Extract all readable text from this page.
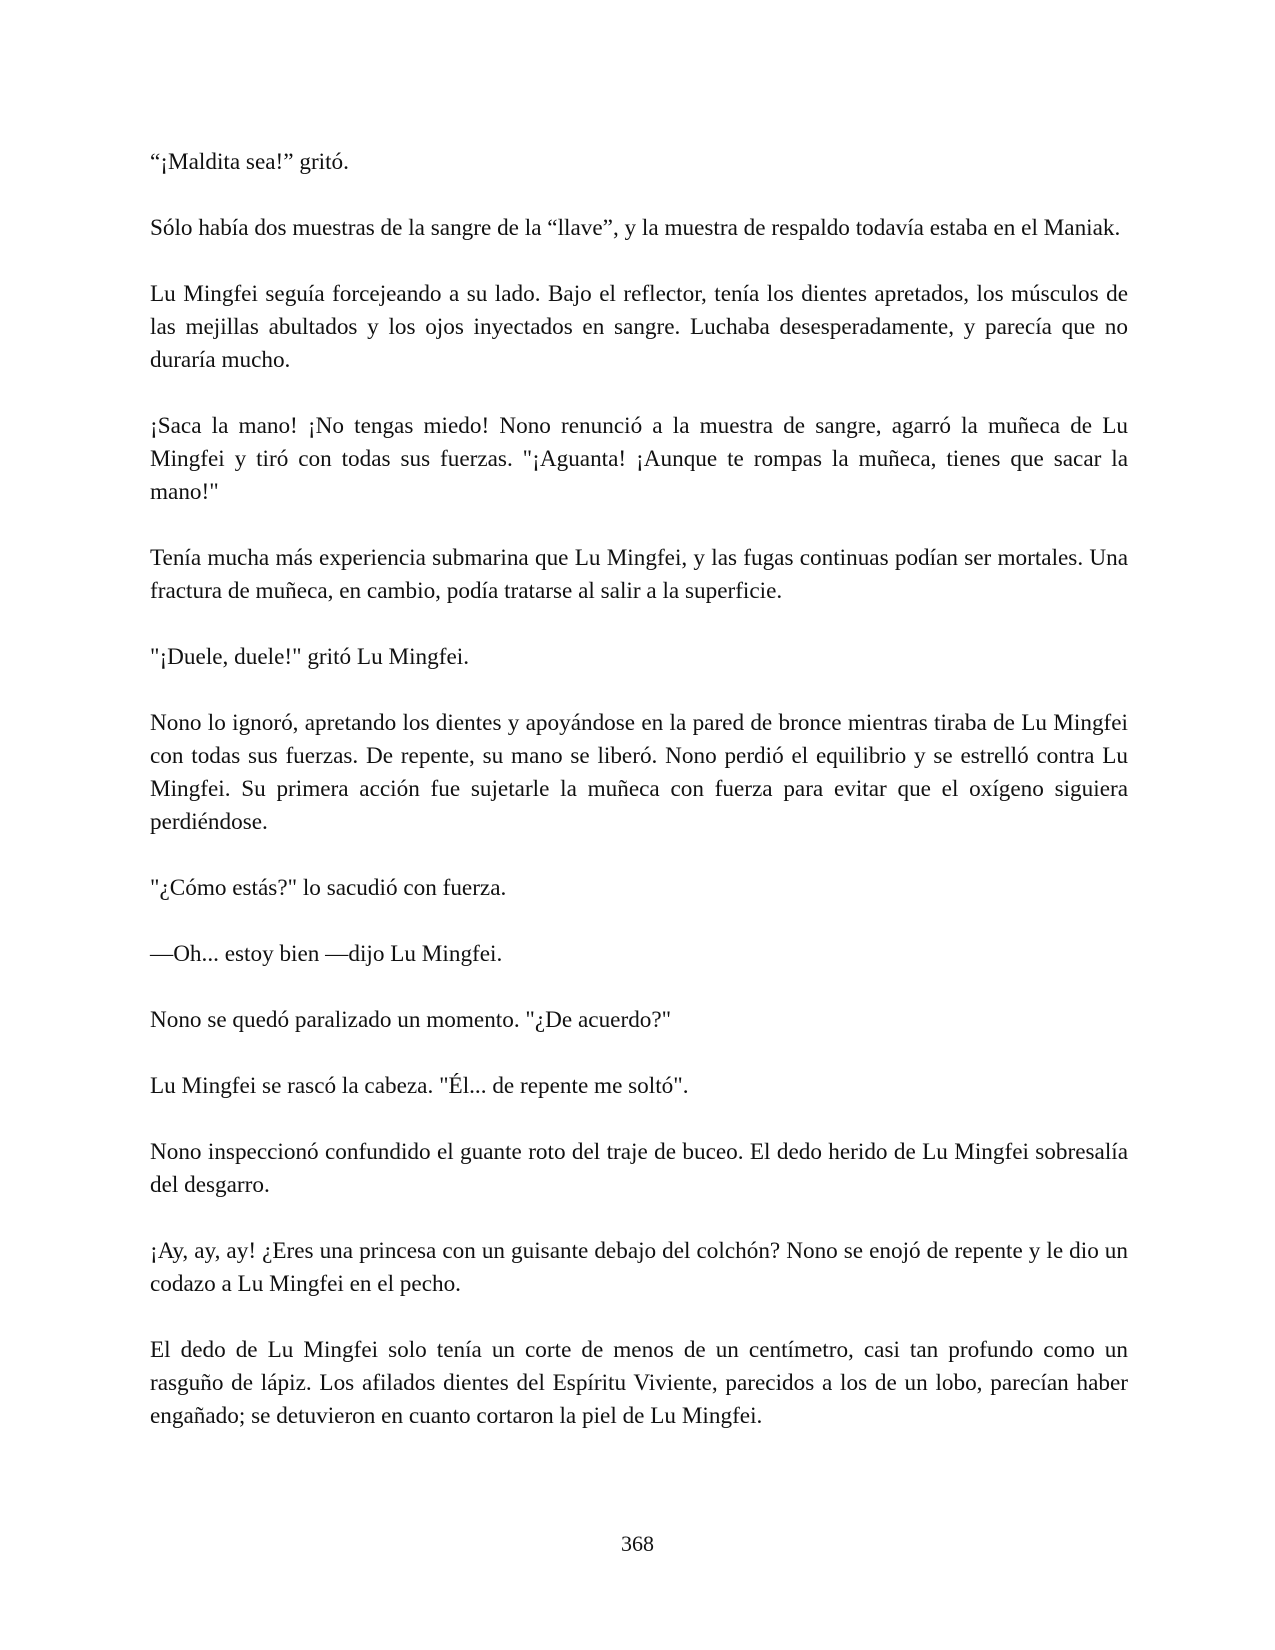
“¡Maldita sea!” gritó.

Sólo había dos muestras de la sangre de la “llave”, y la muestra de respaldo todavía estaba en el Maniak.

Lu Mingfei seguía forcejeando a su lado. Bajo el reflector, tenía los dientes apretados, los músculos de las mejillas abultados y los ojos inyectados en sangre. Luchaba desesperadamente, y parecía que no duraría mucho.

¡Saca la mano! ¡No tengas miedo! Nono renunció a la muestra de sangre, agarró la muñeca de Lu Mingfei y tiró con todas sus fuerzas. "¡Aguanta! ¡Aunque te rompas la muñeca, tienes que sacar la mano!"

Tenía mucha más experiencia submarina que Lu Mingfei, y las fugas continuas podían ser mortales. Una fractura de muñeca, en cambio, podía tratarse al salir a la superficie.

"¡Duele, duele!" gritó Lu Mingfei.

Nono lo ignoró, apretando los dientes y apoyándose en la pared de bronce mientras tiraba de Lu Mingfei con todas sus fuerzas. De repente, su mano se liberó. Nono perdió el equilibrio y se estrelló contra Lu Mingfei. Su primera acción fue sujetarle la muñeca con fuerza para evitar que el oxígeno siguiera perdiéndose.

"¿Cómo estás?" lo sacudió con fuerza.

—Oh... estoy bien —dijo Lu Mingfei.

Nono se quedó paralizado un momento. "¿De acuerdo?"

Lu Mingfei se rascó la cabeza. "Él... de repente me soltó".

Nono inspeccionó confundido el guante roto del traje de buceo. El dedo herido de Lu Mingfei sobresalía del desgarro.

¡Ay, ay, ay! ¿Eres una princesa con un guisante debajo del colchón? Nono se enojó de repente y le dio un codazo a Lu Mingfei en el pecho.

El dedo de Lu Mingfei solo tenía un corte de menos de un centímetro, casi tan profundo como un rasguño de lápiz. Los afilados dientes del Espíritu Viviente, parecidos a los de un lobo, parecían haber engañado; se detuvieron en cuanto cortaron la piel de Lu Mingfei.

368
